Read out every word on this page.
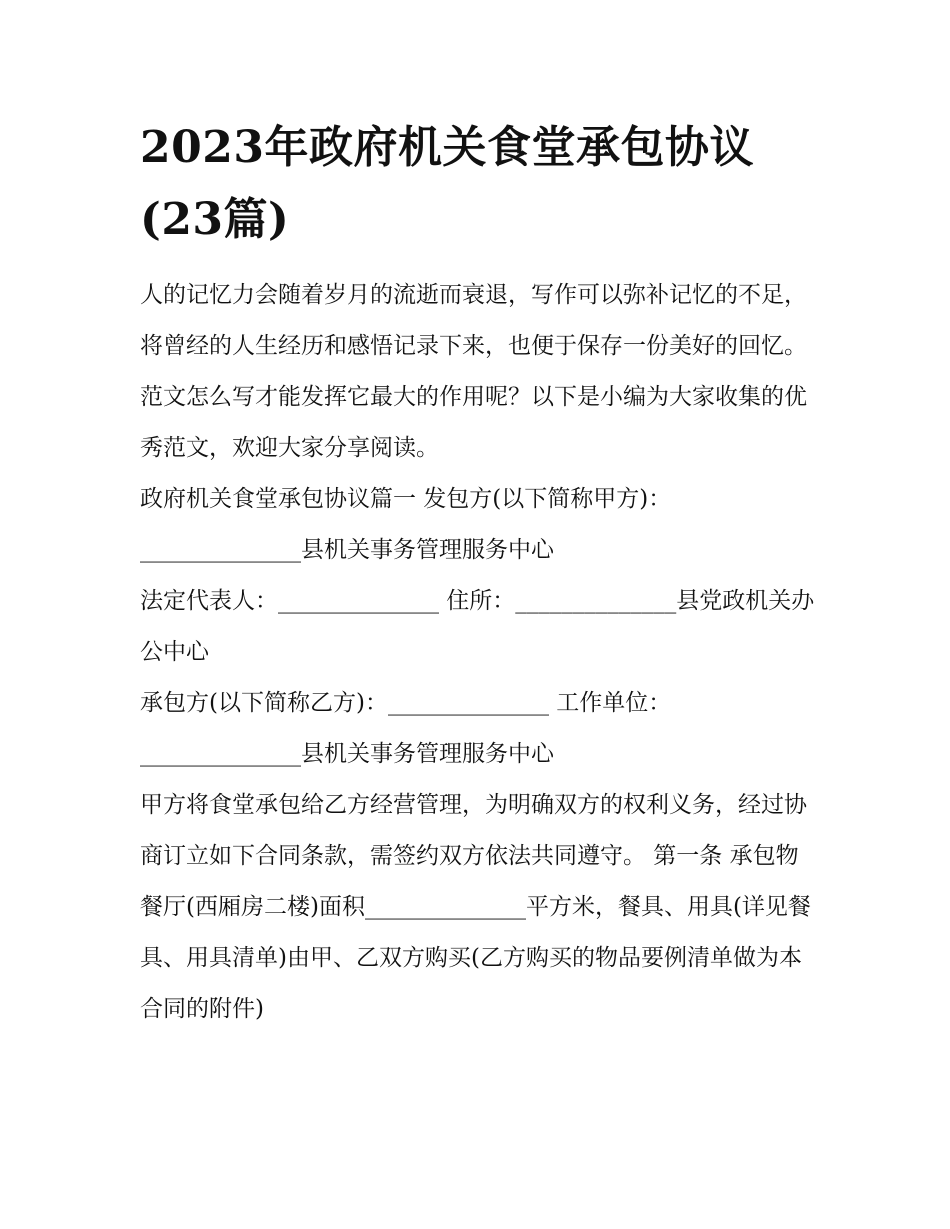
2023年政府机关食堂承包协议(23篇)

人的记忆力会随着岁月的流逝而衰退，写作可以弥补记忆的不足，将曾经的人生经历和感悟记录下来，也便于保存一份美好的回忆。范文怎么写才能发挥它最大的作用呢？以下是小编为大家收集的优秀范文，欢迎大家分享阅读。

政府机关食堂承包协议篇一 发包方(以下简称甲方)：

______________县机关事务管理服务中心

法定代表人：______________ 住所：______________县党政机关办公中心

承包方(以下简称乙方)：______________ 工作单位：

______________县机关事务管理服务中心

甲方将食堂承包给乙方经营管理，为明确双方的权利义务，经过协商订立如下合同条款，需签约双方依法共同遵守。 第一条 承包物

餐厅(西厢房二楼)面积______________平方米，餐具、用具(详见餐具、用具清单)由甲、乙双方购买(乙方购买的物品要例清单做为本合同的附件)
